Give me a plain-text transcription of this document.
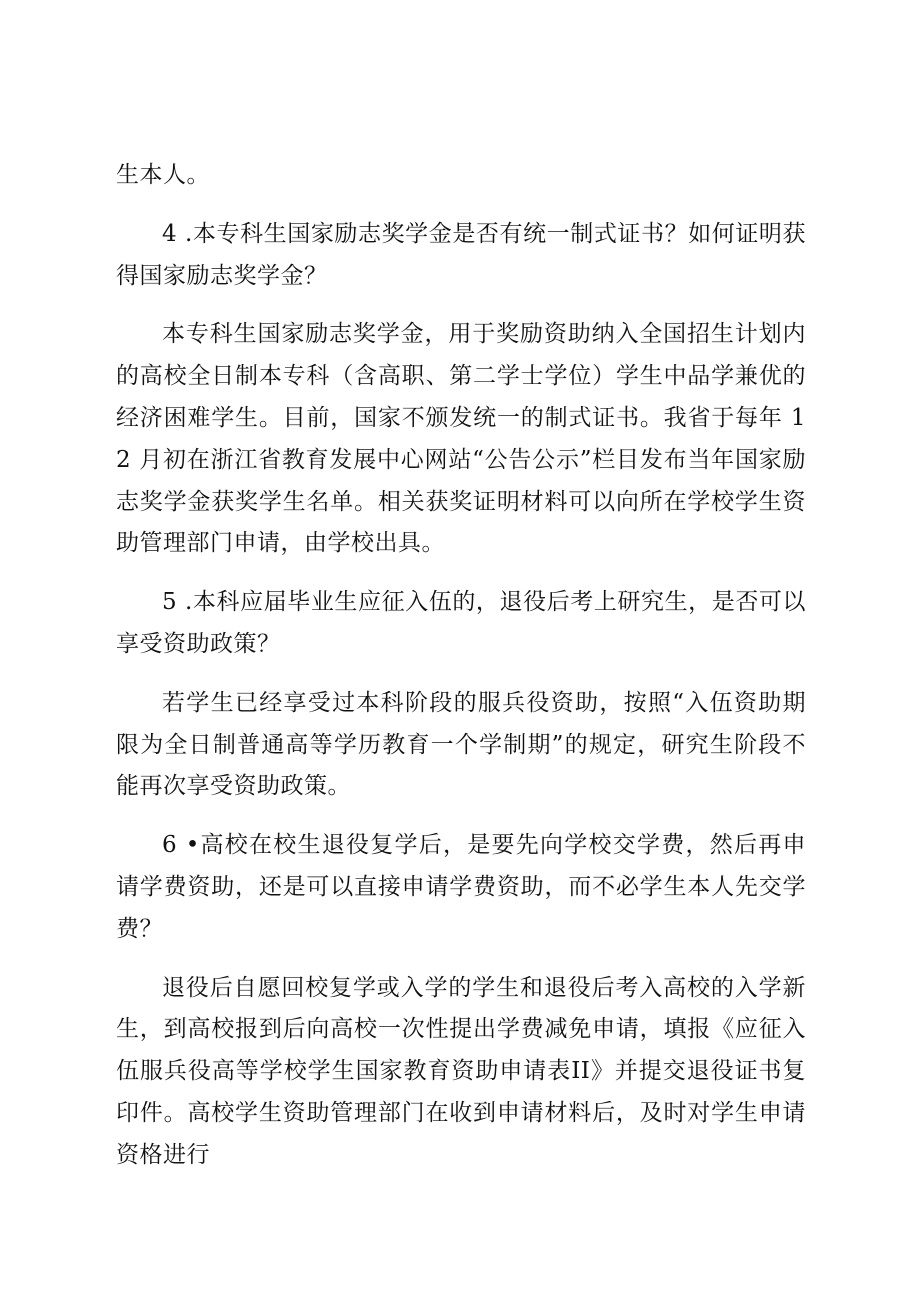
生本人。

4 .本专科生国家励志奖学金是否有统一制式证书？如何证明获得国家励志奖学金？

本专科生国家励志奖学金，用于奖励资助纳入全国招生计划内的高校全日制本专科（含高职、第二学士学位）学生中品学兼优的经济困难学生。目前，国家不颁发统一的制式证书。我省于每年 12 月初在浙江省教育发展中心网站“公告公示”栏目发布当年国家励志奖学金获奖学生名单。相关获奖证明材料可以向所在学校学生资助管理部门申请，由学校出具。

5 .本科应届毕业生应征入伍的，退役后考上研究生，是否可以享受资助政策？

若学生已经享受过本科阶段的服兵役资助，按照“入伍资助期限为全日制普通高等学历教育一个学制期”的规定，研究生阶段不能再次享受资助政策。

6 •高校在校生退役复学后，是要先向学校交学费，然后再申请学费资助，还是可以直接申请学费资助，而不必学生本人先交学费？

退役后自愿回校复学或入学的学生和退役后考入高校的入学新生，到高校报到后向高校一次性提出学费减免申请，填报《应征入伍服兵役高等学校学生国家教育资助申请表II》并提交退役证书复印件。高校学生资助管理部门在收到申请材料后，及时对学生申请资格进行
